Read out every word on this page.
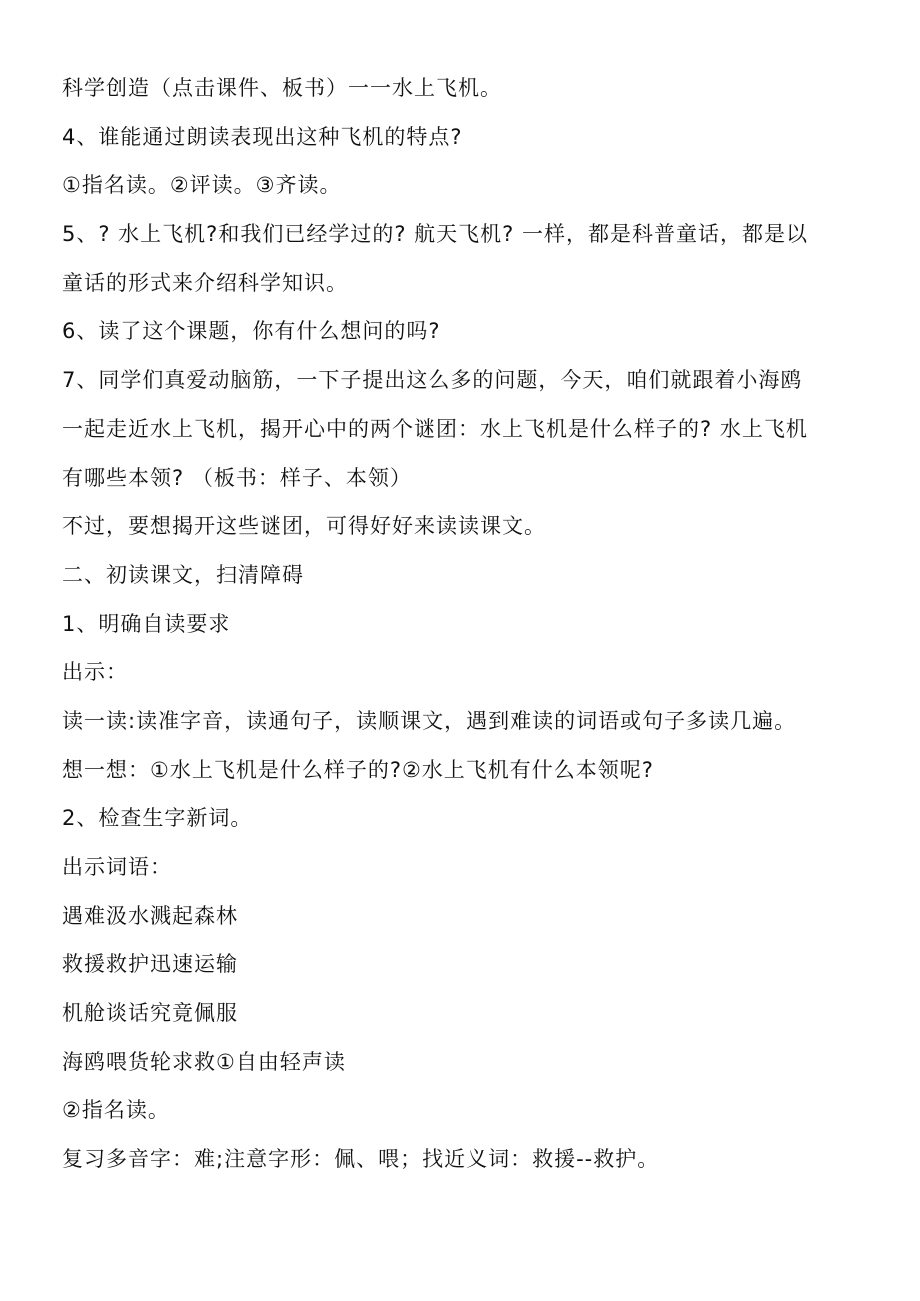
科学创造（点击课件、板书）一一水上飞机。
4、谁能通过朗读表现出这种飞机的特点?
①指名读。②评读。③齐读。
5、? 水上飞机?和我们已经学过的? 航天飞机? 一样，都是科普童话，都是以
童话的形式来介绍科学知识。
6、读了这个课题，你有什么想问的吗?
7、同学们真爱动脑筋，一下子提出这么多的问题，今天，咱们就跟着小海鸥
一起走近水上飞机，揭开心中的两个谜团：水上飞机是什么样子的? 水上飞机
有哪些本领? （板书：样子、本领）
不过，要想揭开这些谜团，可得好好来读读课文。
二、初读课文，扫清障碍
1、明确自读要求
出示：
读一读:读准字音，读通句子，读顺课文，遇到难读的词语或句子多读几遍。
想一想：①水上飞机是什么样子的?②水上飞机有什么本领呢?
2、检查生字新词。
出示词语：
遇难汲水溅起森林
救援救护迅速运输
机舱谈话究竟佩服
海鸥喂货轮求救①自由轻声读
②指名读。
复习多音字：难;注意字形：佩、喂；找近义词：救援--救护。
